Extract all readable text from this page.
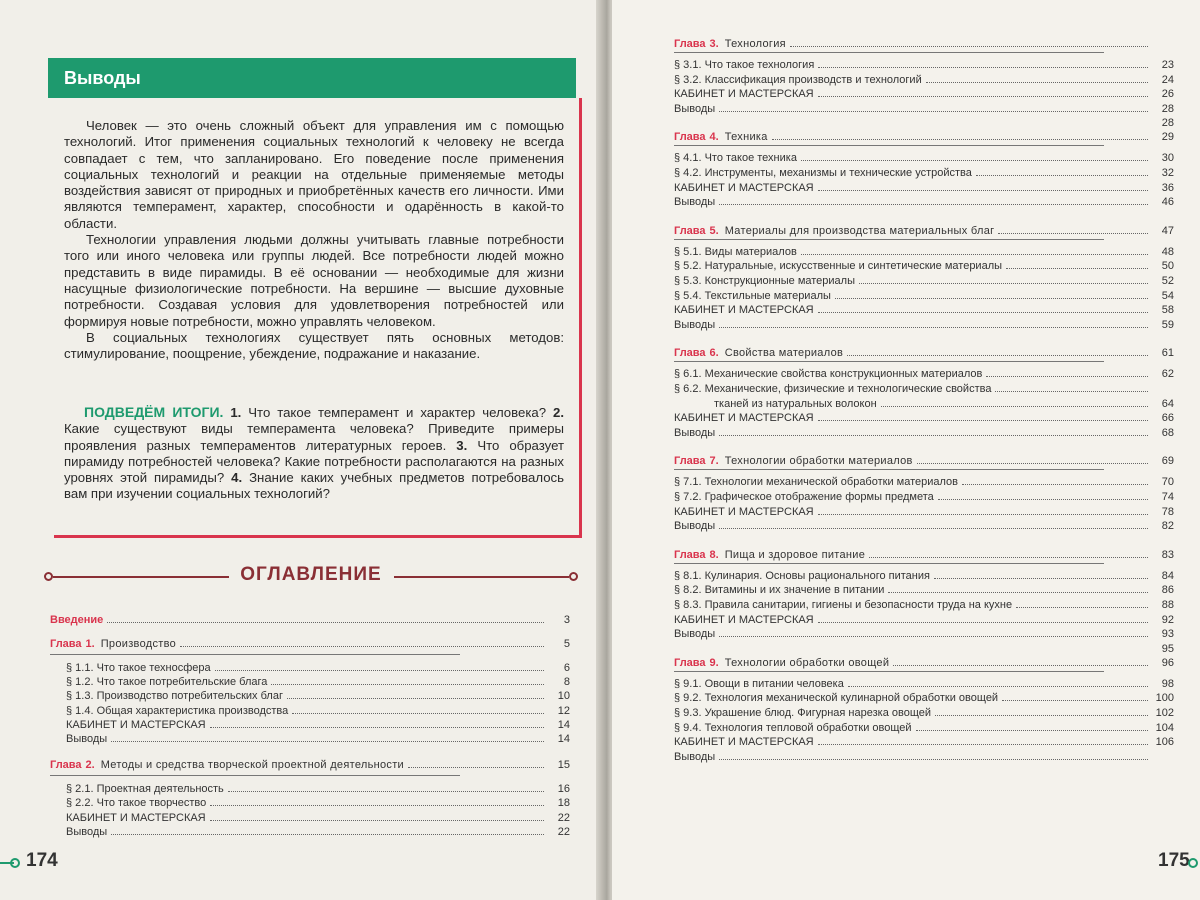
Выводы

Человек — это очень сложный объект для управления им с помощью технологий. Итог применения социальных технологий к человеку не всегда совпадает с тем, что запланировано. Его поведение после применения социальных технологий и реакции на отдельные применяемые методы воздействия зависят от природных и приобретённых качеств его личности. Ими являются темперамент, характер, способности и одарённость в какой-то области.

Технологии управления людьми должны учитывать главные потребности того или иного человека или группы людей. Все потребности людей можно представить в виде пирамиды. В её основании — необходимые для жизни насущные физиологические потребности. На вершине — высшие духовные потребности. Создавая условия для удовлетворения потребностей или формируя новые потребности, можно управлять человеком.

В социальных технологиях существует пять основных методов: стимулирование, поощрение, убеждение, подражание и наказание.

ПОДВЕДЁМ ИТОГИ. 1. Что такое темперамент и характер человека? 2. Какие существуют виды темперамента человека? Приведите примеры проявления разных темпераментов литературных героев. 3. Что образует пирамиду потребностей человека? Какие потребности располагаются на разных уровнях этой пирамиды? 4. Знание каких учебных предметов потребовалось вам при изучении социальных технологий?
ОГЛАВЛЕНИЕ
Введение	3
Глава 1. Производство	5
§ 1.1. Что такое техносфера	6
§ 1.2. Что такое потребительские блага	8
§ 1.3. Производство потребительских благ	10
§ 1.4. Общая характеристика производства	12
КАБИНЕТ И МАСТЕРСКАЯ	14
Выводы	14
Глава 2. Методы и средства творческой проектной деятельности	15
§ 2.1. Проектная деятельность	16
§ 2.2. Что такое творчество	18
КАБИНЕТ И МАСТЕРСКАЯ	22
Выводы	22
174
Глава 3. Технология
§ 3.1. Что такое технология	23
§ 3.2. Классификация производств и технологий	24
КАБИНЕТ И МАСТЕРСКАЯ	26
Выводы	28
28
Глава 4. Техника	29
§ 4.1. Что такое техника	30
§ 4.2. Инструменты, механизмы и технические устройства	32
КАБИНЕТ И МАСТЕРСКАЯ	36
Выводы	46
Глава 5. Материалы для производства материальных благ	47
§ 5.1. Виды материалов	48
§ 5.2. Натуральные, искусственные и синтетические материалы	50
§ 5.3. Конструкционные материалы	52
§ 5.4. Текстильные материалы	54
КАБИНЕТ И МАСТЕРСКАЯ	58
Выводы	59
Глава 6. Свойства материалов	61
§ 6.1. Механические свойства конструкционных материалов	62
§ 6.2. Механические, физические и технологические свойства
тканей из натуральных волокон	64
КАБИНЕТ И МАСТЕРСКАЯ	66
Выводы	68
Глава 7. Технологии обработки материалов	69
§ 7.1. Технологии механической обработки материалов	70
§ 7.2. Графическое отображение формы предмета	74
КАБИНЕТ И МАСТЕРСКАЯ	78
Выводы	82
Глава 8. Пища и здоровое питание	83
§ 8.1. Кулинария. Основы рационального питания	84
§ 8.2. Витамины и их значение в питании	86
§ 8.3. Правила санитарии, гигиены и безопасности труда на кухне	88
КАБИНЕТ И МАСТЕРСКАЯ	92
Выводы	93
95
Глава 9. Технологии обработки овощей	96
§ 9.1. Овощи в питании человека	98
§ 9.2. Технология механической кулинарной обработки овощей	100
§ 9.3. Украшение блюд. Фигурная нарезка овощей	102
§ 9.4. Технология тепловой обработки овощей	104
КАБИНЕТ И МАСТЕРСКАЯ	106
Выводы
175
